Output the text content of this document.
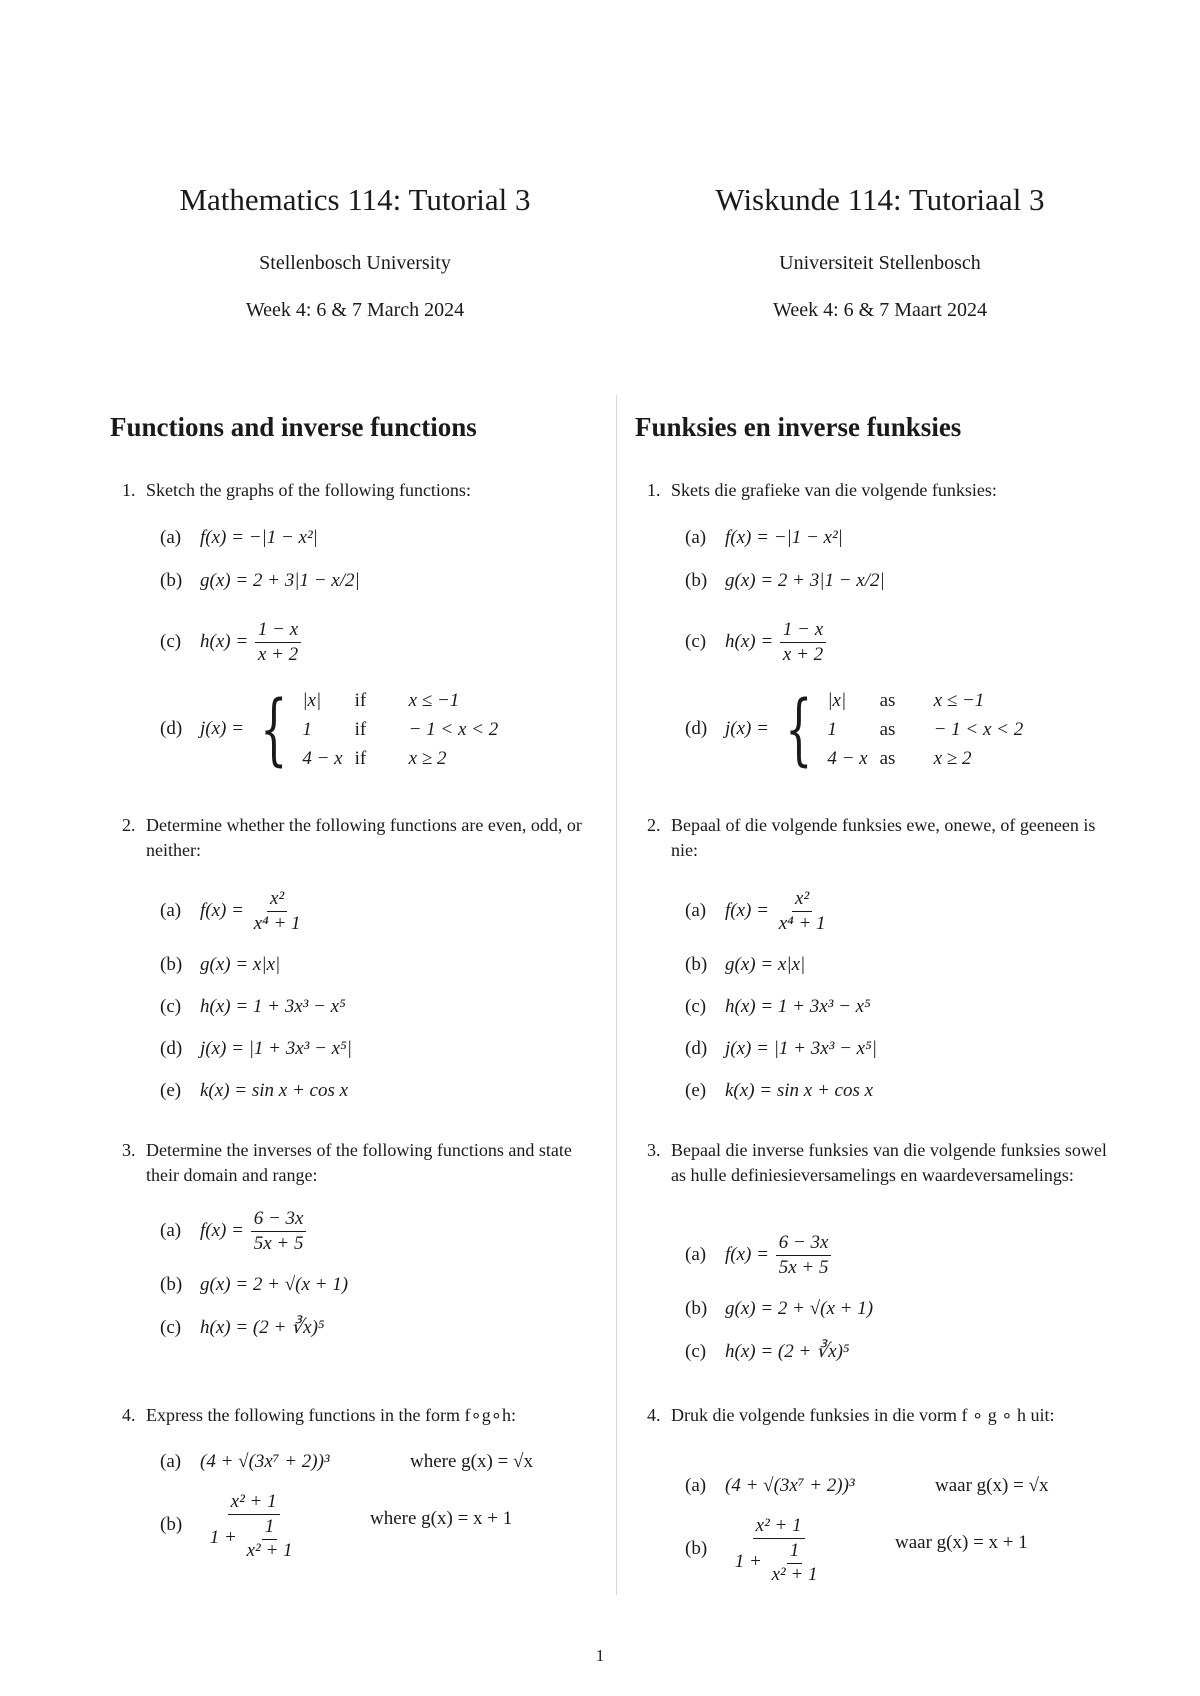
Mathematics 114: Tutorial 3
Stellenbosch University
Week 4: 6 & 7 March 2024
Functions and inverse functions
1. Sketch the graphs of the following functions:
(a) f(x) = −|1 − x²|
(b) g(x) = 2 + 3|1 − x/2|
(c) $h(x) = \frac{1 - x}{x + 2}$
(d) j(x) = { |x|	if	x ≤ −1
1	if	− 1 < x < 2
4 − x	if	x ≥ 2
2. Determine whether the following functions are even, odd, or neither:
(a) $f(x) = \frac{\text{x²}}{\text{x⁴ + 1}}$
(b) g(x) = x|x|
(c) h(x) = 1 + 3x³ − x⁵
(d) j(x) = |1 + 3x³ − x⁵|
(e) k(x) = sin x + cos x
3. Determine the inverses of the following functions and state their domain and range:
(a) $f(x) = \frac{6 - 3x}{5x + 5}$
(b) g(x) = 2 + √(x + 1)
(c) h(x) = (2 + ∛x)⁵
4. Express the following functions in the form f∘g∘h:
(a) (4 + √(3x⁷ + 2))³	where g(x) = √x
$(b) \frac{\text{x² + 1}}{1 + \frac{1}{\text{x² + 1}}}$	where g(x) = x + 1
Wiskunde 114: Tutoriaal 3
Universiteit Stellenbosch
Week 4: 6 & 7 Maart 2024
Funksies en inverse funksies
1. Skets die grafieke van die volgende funksies:
(a) f(x) = −|1 − x²|
(b) g(x) = 2 + 3|1 − x/2|
(c) $h(x) = \frac{1 - x}{x + 2}$
(d) j(x) = { |x|	as	x ≤ −1
1	as	− 1 < x < 2
4 − x	as	x ≥ 2
2. Bepaal of die volgende funksies ewe, onewe, of geeneen is nie:
(a) $f(x) = \frac{\text{x²}}{\text{x⁴ + 1}}$
(b) g(x) = x|x|
(c) h(x) = 1 + 3x³ − x⁵
(d) j(x) = |1 + 3x³ − x⁵|
(e) k(x) = sin x + cos x
3. Bepaal die inverse funksies van die volgende funksies sowel as hulle definiesieversamelings en waardeversamelings:
(a) $f(x) = \frac{6 - 3x}{5x + 5}$
(b) g(x) = 2 + √(x + 1)
(c) h(x) = (2 + ∛x)⁵
4. Druk die volgende funksies in die vorm f ∘ g ∘ h uit:
(a) (4 + √(3x⁷ + 2))³	waar g(x) = √x
$(b) \frac{\text{x² + 1}}{1 + \frac{1}{\text{x² + 1}}}$	waar g(x) = x + 1
1
